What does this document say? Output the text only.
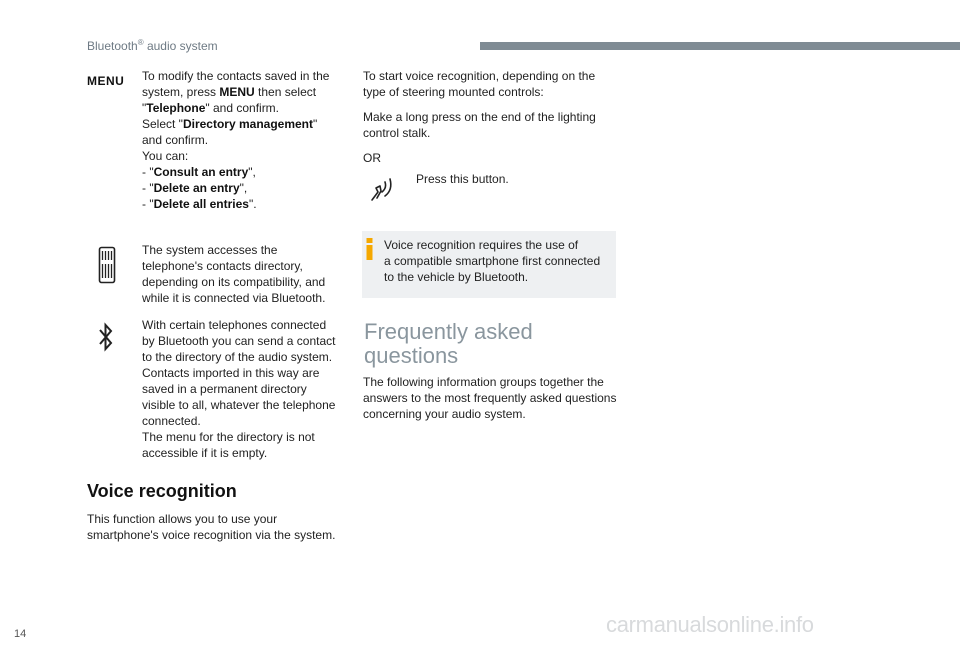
Bluetooth® audio system
MENU To modify the contacts saved in the

system, press MENU then select

"Telephone" and confirm.

Select "Directory management"

and confirm.

You can:

- "Consult an entry",

- "Delete an entry",

- "Delete all entries".

The system accesses the

telephone's contacts directory,

depending on its compatibility, and

while it is connected via Bluetooth.

With certain telephones connected

by Bluetooth you can send a contact

to the directory of the audio system.

Contacts imported in this way are

saved in a permanent directory

visible to all, whatever the telephone

connected.

The menu for the directory is not

accessible if it is empty.

Voice recognition

This function allows you to use your

smartphone's voice recognition via the system.

To start voice recognition, depending on the

type of steering mounted controls:

Make a long press on the end of the lighting

control stalk.

OR
Press this button.

Voice recognition requires the use of

a compatible smartphone first connected

to the vehicle by Bluetooth.

Frequently asked
questions

The following information groups together the

answers to the most frequently asked questions

concerning your audio system.

14	carmanualsonline.info
